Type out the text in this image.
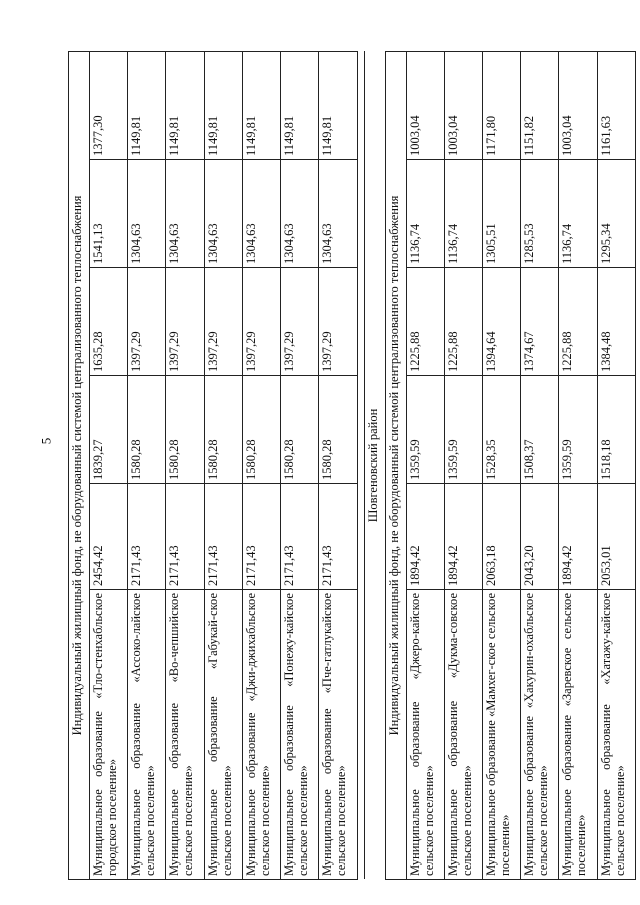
5 Индивидуальный жилищный фонд, не оборудованный системой централизованного теплоснабжения					
Муниципальное образование «Тло-стенхабльское городское поселение»	2454,42	1839,27	1635,28	1541,13	1377,30
Муниципальное образование «Ассоко-лайское сельское поселение»	2171,43	1580,28	1397,29	1304,63	1149,81
Муниципальное образование «Во-чепшийское сельское поселение»	2171,43	1580,28	1397,29	1304,63	1149,81
Муниципальное образование «Габукай-ское сельское поселение»	2171,43	1580,28	1397,29	1304,63	1149,81
Муниципальное образование «Джи-джихабльское сельское поселение»	2171,43	1580,28	1397,29	1304,63	1149,81
Муниципальное образование «Понежу-кайское сельское поселение»	2171,43	1580,28	1397,29	1304,63	1149,81
Муниципальное образование «Пче-гатлукайское сельское поселение»	2171,43	1580,28	1397,29	1304,63	1149,81

Шовгеновский район					
Индивидуальный жилищный фонд, не оборудованный системой централизованного теплоснабжения					
Муниципальное образование «Джеро-кайское сельское поселение»	1894,42	1359,59	1225,88	1136,74	1003,04
Муниципальное образование «Дукма-совское сельское поселение»	1894,42	1359,59	1225,88	1136,74	1003,04
Муниципальное образование «Мамхег-ское сельское поселение»	2063,18	1528,35	1394,64	1305,51	1171,80
Муниципальное образование «Хакурин-охабльское сельское поселение»	2043,20	1508,37	1374,67	1285,53	1151,82
Муниципальное образование «Заревское сельское поселение»	1894,42	1359,59	1225,88	1136,74	1003,04
Муниципальное образование «Хатажу-кайское сельское поселение»	2053,01	1518,18	1384,48	1295,34	1161,63
